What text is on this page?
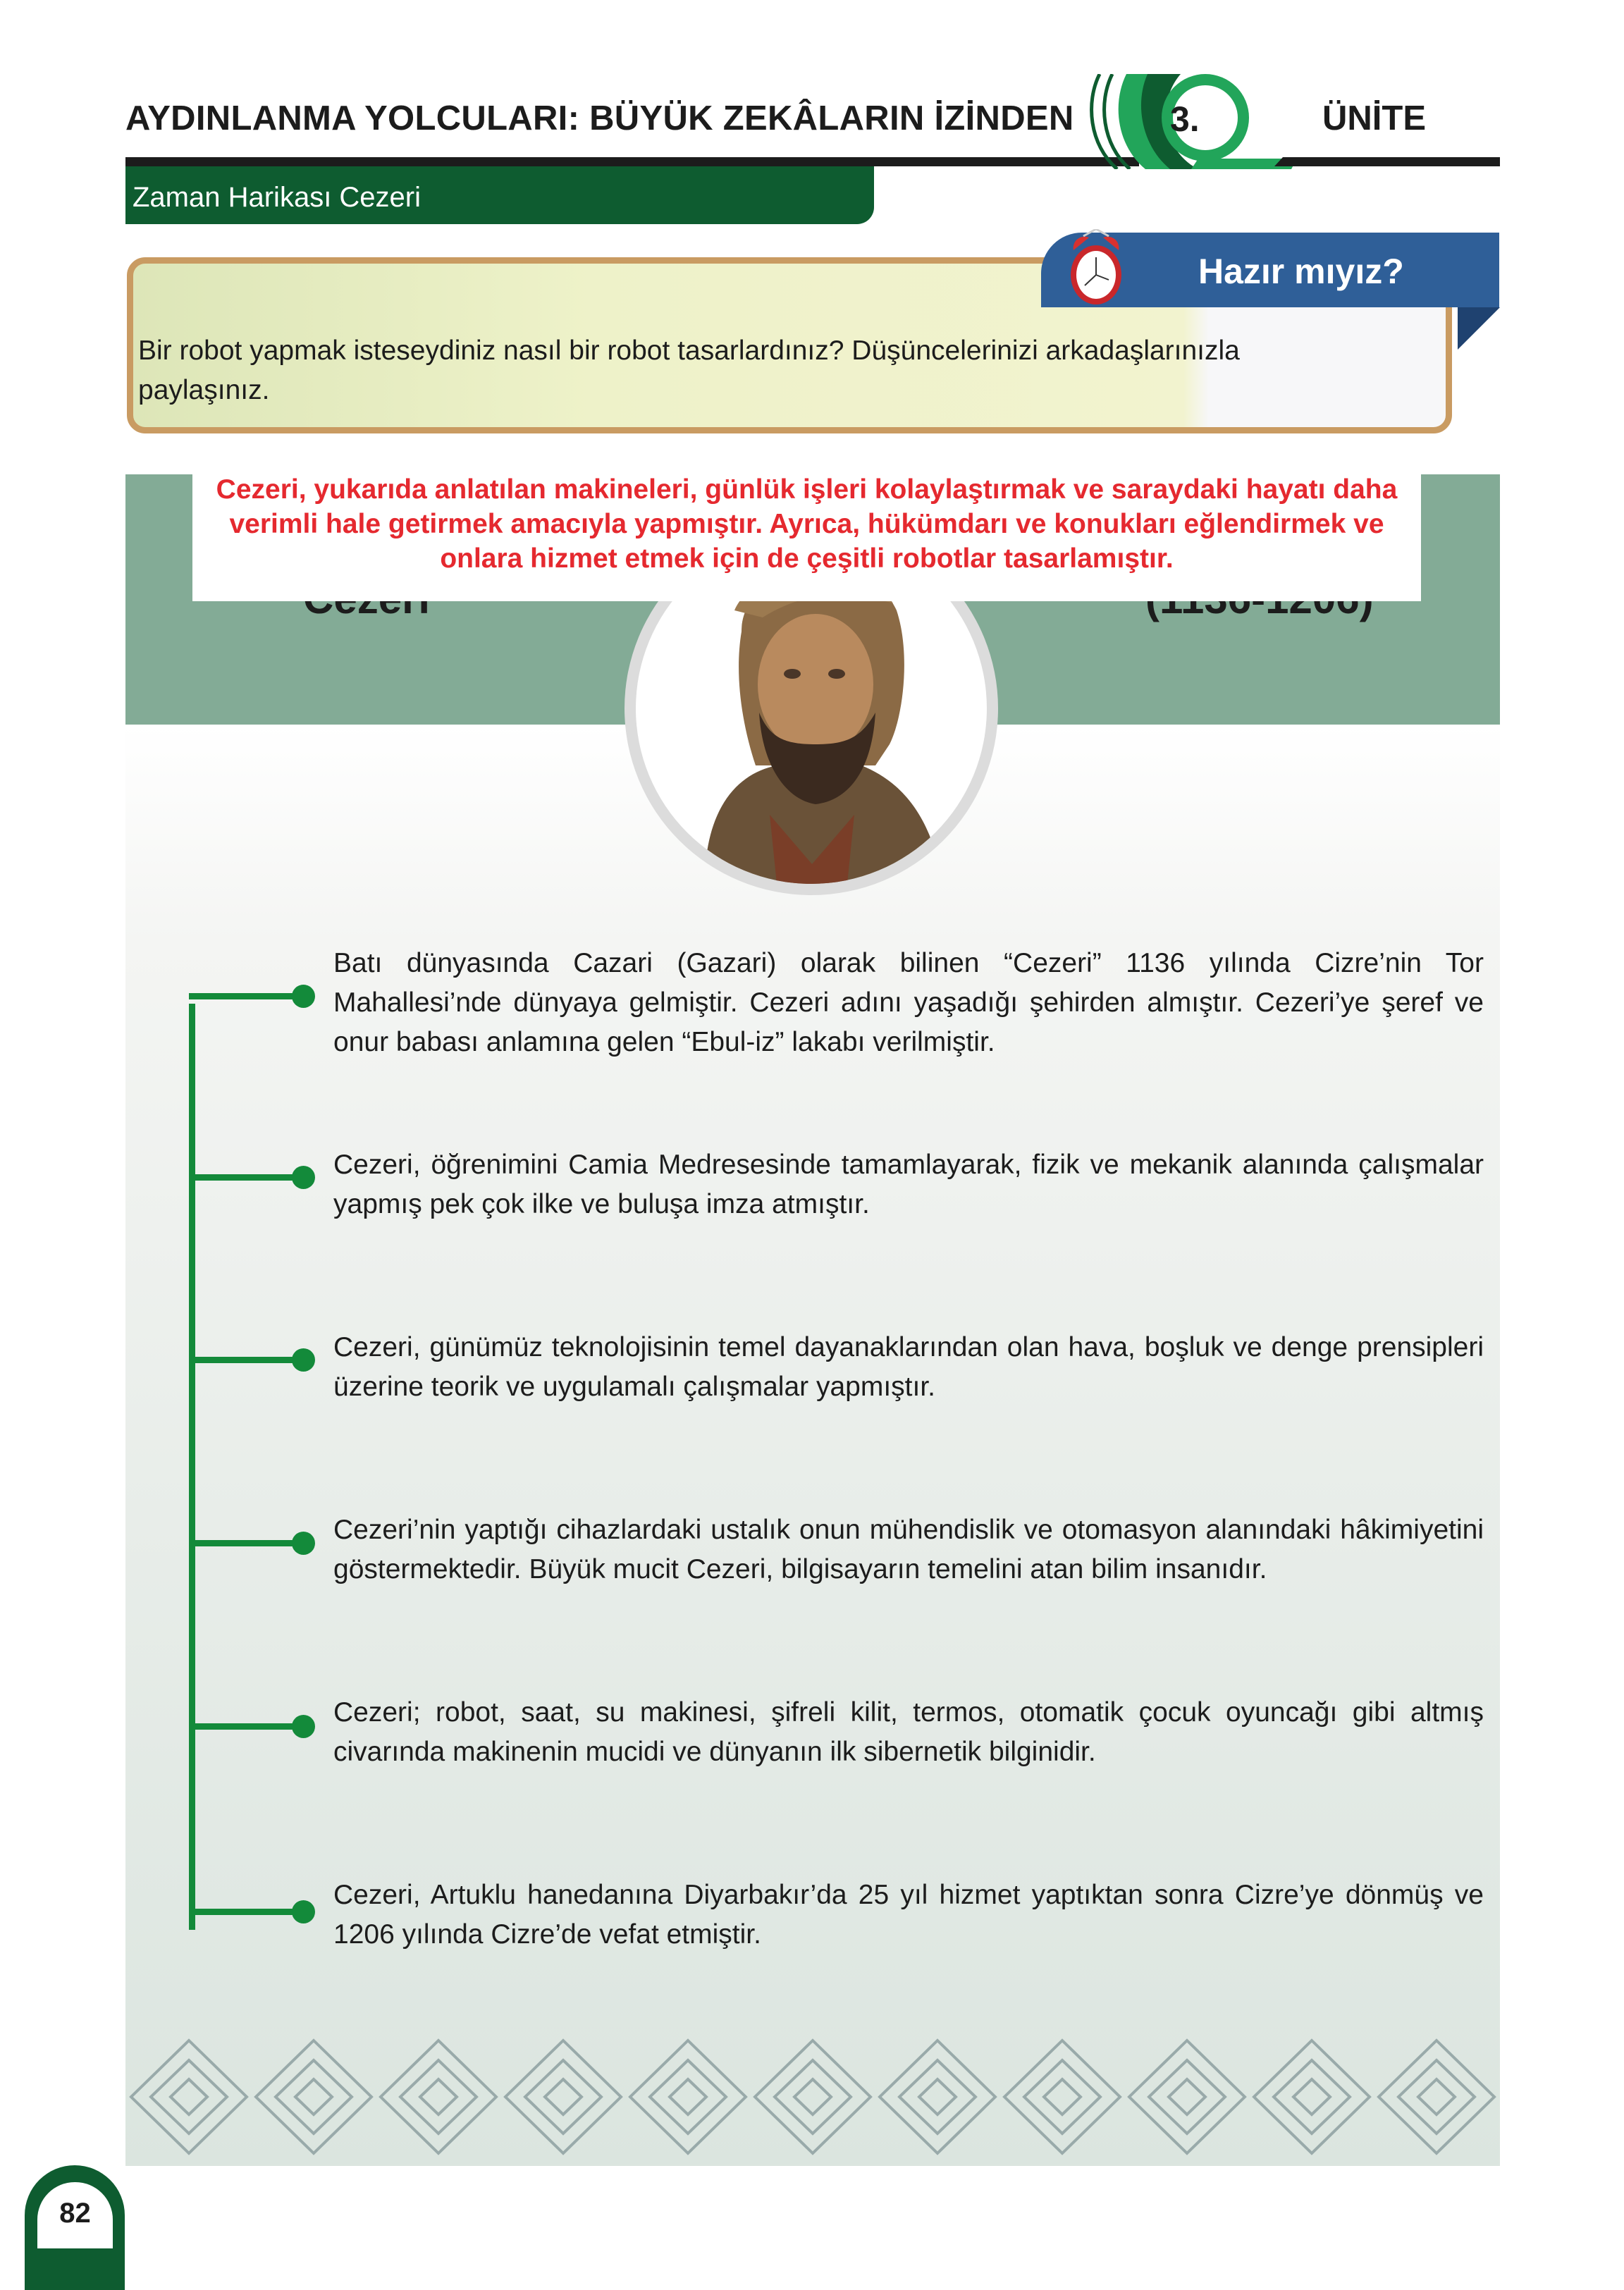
AYDINLANMA YOLCULARI: BÜYÜK ZEKÂLARIN İZİNDEN	3.	ÜNİTE
Zaman Harikası Cezeri
Hazır mıyız?
Bir robot yapmak isteseydiniz nasıl bir robot tasarlardınız? Düşüncelerinizi arkadaşlarınızla paylaşınız.

Cezeri, yukarıda anlatılan makineleri, günlük işleri kolaylaştırmak ve saraydaki hayatı daha verimli hale getirmek amacıyla yapmıştır. Ayrıca, hükümdarı ve konukları eğlendirmek ve onlara hizmet etmek için de çeşitli robotlar tasarlamıştır.

Batı dünyasında Cazari (Gazari) olarak bilinen “Cezeri” 1136 yılında Cizre’nin Tor Mahallesi’nde dünyaya gelmiştir. Cezeri adını yaşadığı şehirden almıştır. Cezeri’ye şeref ve onur babası anlamına gelen “Ebul-iz” lakabı verilmiştir.
Cezeri, öğrenimini Camia Medresesinde tamamlayarak, fizik ve mekanik alanında çalışmalar yapmış pek çok ilke ve buluşa imza atmıştır.
Cezeri, günümüz teknolojisinin temel dayanaklarından olan hava, boşluk ve denge prensipleri üzerine teorik ve uygulamalı çalışmalar yapmıştır.
Cezeri’nin yaptığı cihazlardaki ustalık onun mühendislik ve otomasyon alanındaki hâkimiyetini göstermektedir. Büyük mucit Cezeri, bilgisayarın temelini atan bilim insanıdır.
Cezeri; robot, saat, su makinesi, şifreli kilit, termos, otomatik çocuk oyuncağı gibi altmış civarında makinenin mucidi ve dünyanın ilk sibernetik bilginidir.
Cezeri, Artuklu hanedanına Diyarbakır’da 25 yıl hizmet yaptıktan sonra Cizre’ye dönmüş ve 1206 yılında Cizre’de vefat etmiştir.
82
